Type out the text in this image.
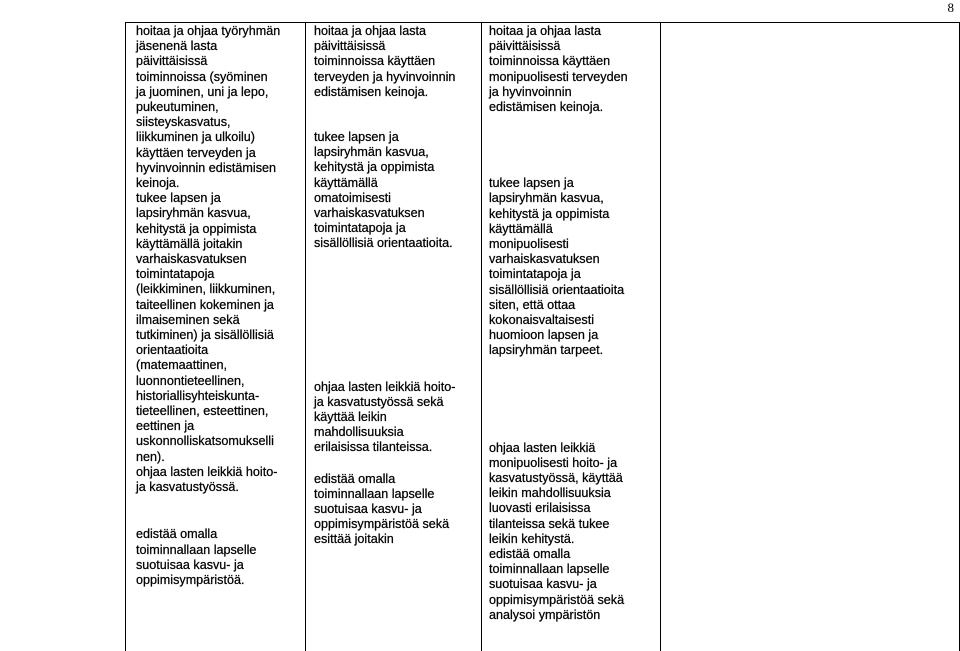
8

hoitaa ja ohjaa työryhmän
jäsenenä lasta
päivittäisissä
toiminnoissa (syöminen
ja juominen, uni ja lepo,
pukeutuminen,
siisteyskasvatus,
liikkuminen ja ulkoilu)
käyttäen terveyden ja
hyvinvoinnin edistämisen
keinoja.

tukee lapsen ja
lapsiryhmän kasvua,
kehitystä ja oppimista
käyttämällä joitakin
varhaiskasvatuksen
toimintatapoja
(leikkiminen, liikkuminen,
taiteellinen kokeminen ja
ilmaiseminen sekä
tutkiminen) ja sisällöllisiä
orientaatioita
(matemaattinen,
luonnontieteellinen,
historiallisyhteiskunta-
tieteellinen, esteettinen,
eettinen ja
uskonnolliskatsomukselli
nen).

ohjaa lasten leikkiä hoito-
ja kasvatustyössä.

edistää omalla
toiminnallaan lapselle
suotuisaa kasvu- ja
oppimisympäristöä.

hoitaa ja ohjaa lasta
päivittäisissä
toiminnoissa käyttäen
terveyden ja hyvinvoinnin
edistämisen keinoja.

tukee lapsen ja
lapsiryhmän kasvua,
kehitystä ja oppimista
käyttämällä
omatoimisesti
varhaiskasvatuksen
toimintatapoja ja
sisällöllisiä orientaatioita.

ohjaa lasten leikkiä hoito-
ja kasvatustyössä sekä
käyttää leikin
mahdollisuuksia
erilaisissa tilanteissa.

edistää omalla
toiminnallaan lapselle
suotuisaa kasvu- ja
oppimisympäristöä sekä
esittää joitakin

hoitaa ja ohjaa lasta
päivittäisissä
toiminnoissa käyttäen
monipuolisesti terveyden
ja hyvinvoinnin
edistämisen keinoja.

tukee lapsen ja
lapsiryhmän kasvua,
kehitystä ja oppimista
käyttämällä
monipuolisesti
varhaiskasvatuksen
toimintatapoja ja
sisällöllisiä orientaatioita
siten, että ottaa
kokonaisvaltaisesti
huomioon lapsen ja
lapsiryhmän tarpeet.

ohjaa lasten leikkiä
monipuolisesti hoito- ja
kasvatustyössä, käyttää
leikin mahdollisuuksia
luovasti erilaisissa
tilanteissa sekä tukee
leikin kehitystä.

edistää omalla
toiminnallaan lapselle
suotuisaa kasvu- ja
oppimisympäristöä sekä
analysoi ympäristön
